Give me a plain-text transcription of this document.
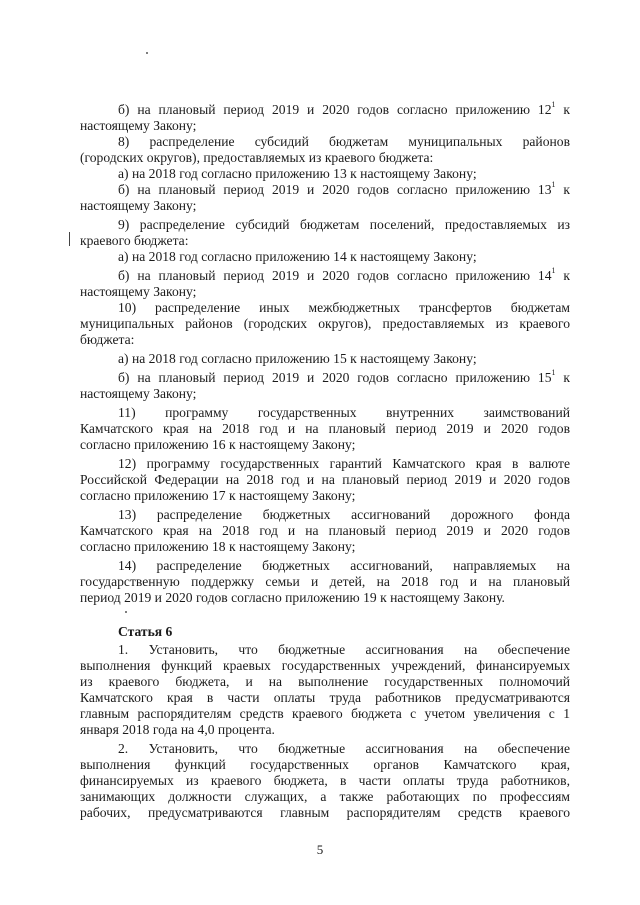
б) на плановый период 2019 и 2020 годов согласно приложению $12^1$ к
настоящему Закону;
8) распределение субсидий бюджетам муниципальных районов
(городских округов), предоставляемых из краевого бюджета:
а) на 2018 год согласно приложению 13 к настоящему Закону;
б) на плановый период 2019 и 2020 годов согласно приложению $13^1$ к
настоящему Закону;
9) распределение субсидий бюджетам поселений, предоставляемых из
краевого бюджета:
а) на 2018 год согласно приложению 14 к настоящему Закону;
б) на плановый период 2019 и 2020 годов согласно приложению $14^1$ к
настоящему Закону;
10) распределение иных межбюджетных трансфертов бюджетам
муниципальных районов (городских округов), предоставляемых из краевого
бюджета:
а) на 2018 год согласно приложению 15 к настоящему Закону;
б) на плановый период 2019 и 2020 годов согласно приложению $15^1$ к
настоящему Закону;
11) программу государственных внутренних заимствований
Камчатского края на 2018 год и на плановый период 2019 и 2020 годов
согласно приложению 16 к настоящему Закону;
12) программу государственных гарантий Камчатского края в валюте
Российской Федерации на 2018 год и на плановый период 2019 и 2020 годов
согласно приложению 17 к настоящему Закону;
13) распределение бюджетных ассигнований дорожного фонда
Камчатского края на 2018 год и на плановый период 2019 и 2020 годов
согласно приложению 18 к настоящему Закону;
14) распределение бюджетных ассигнований, направляемых на
государственную поддержку семьи и детей, на 2018 год и на плановый
период 2019 и 2020 годов согласно приложению 19 к настоящему Закону.
Статья 6
1. Установить, что бюджетные ассигнования на обеспечение
выполнения функций краевых государственных учреждений, финансируемых
из краевого бюджета, и на выполнение государственных полномочий
Камчатского края в части оплаты труда работников предусматриваются
главным распорядителям средств краевого бюджета с учетом увеличения с 1
января 2018 года на 4,0 процента.
2. Установить, что бюджетные ассигнования на обеспечение
выполнения функций государственных органов Камчатского края,
финансируемых из краевого бюджета, в части оплаты труда работников,
занимающих должности служащих, а также работающих по профессиям
рабочих, предусматриваются главным распорядителям средств краевого
5
